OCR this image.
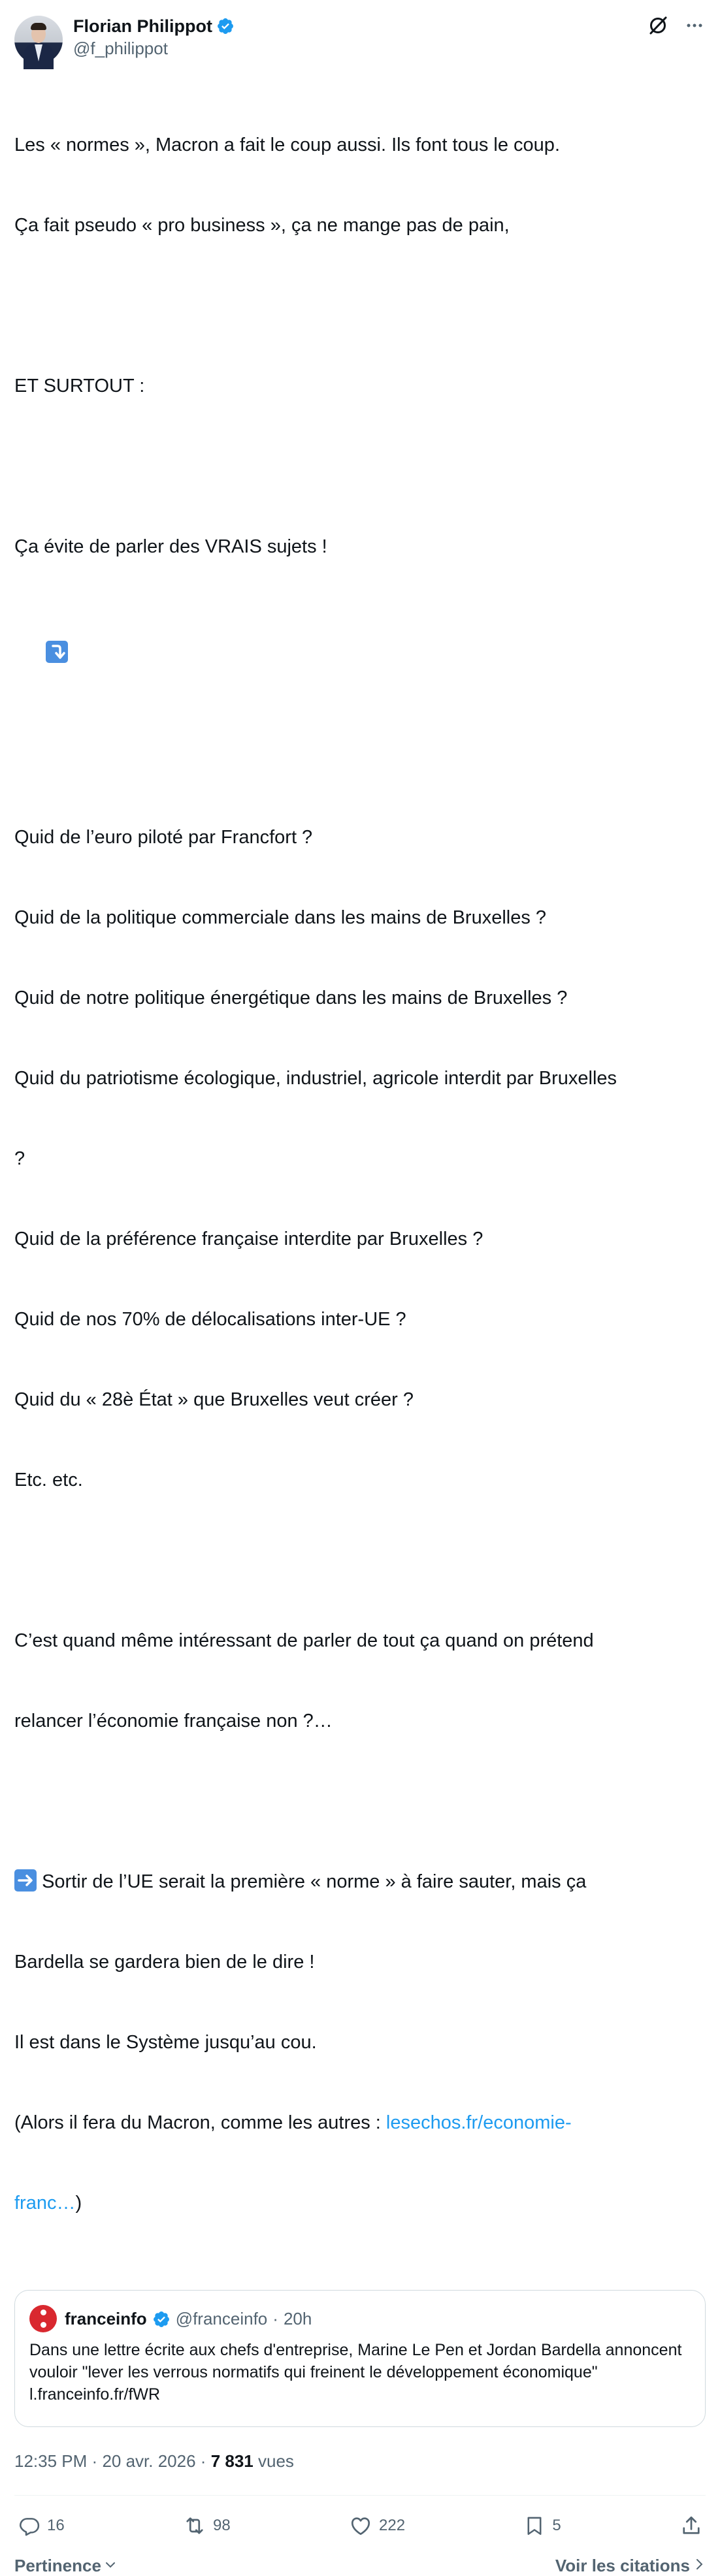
Florian Philippot
@f_philippot

Les « normes », Macron a fait le coup aussi. Ils font tous le coup.

Ça fait pseudo « pro business », ça ne mange pas de pain,

ET SURTOUT :

Ça évite de parler des VRAIS sujets !

Quid de l’euro piloté par Francfort ?

Quid de la politique commerciale dans les mains de Bruxelles ?

Quid de notre politique énergétique dans les mains de Bruxelles ?

Quid du patriotisme écologique, industriel, agricole interdit par Bruxelles

?

Quid de la préférence française interdite par Bruxelles ?

Quid de nos 70% de délocalisations inter-UE ?

Quid du « 28è État » que Bruxelles veut créer ?

Etc. etc.

C’est quand même intéressant de parler de tout ça quand on prétend

relancer l’économie française non ?…

Sortir de l’UE serait la première « norme » à faire sauter, mais ça

Bardella se gardera bien de le dire !

Il est dans le Système jusqu’au cou.

(Alors il fera du Macron, comme les autres : lesechos.fr/economie-

franc…)

franceinfo @franceinfo · 20h
Dans une lettre écrite aux chefs d'entreprise, Marine Le Pen et Jordan Bardella annoncent vouloir "lever les verrous normatifs qui freinent le développement économique" l.franceinfo.fr/fWR
12:35 PM · 20 avr. 2026 · 7 831 vues
16	98	222	5
Pertinence	Voir les citations
